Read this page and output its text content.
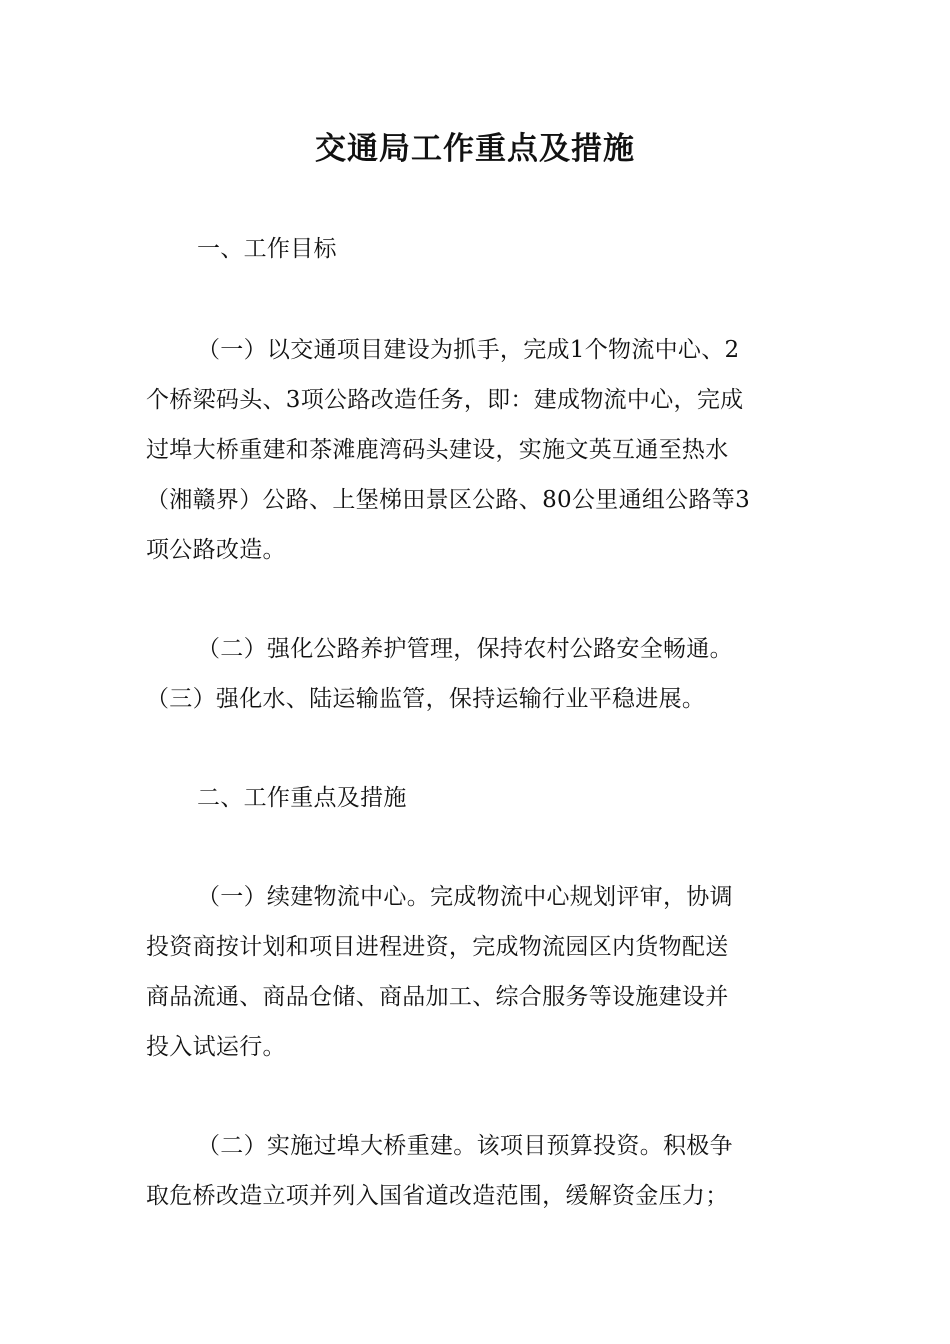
交通局工作重点及措施

一、工作目标

（一）以交通项目建设为抓手，完成1个物流中心、2
个桥梁码头、3项公路改造任务，即：建成物流中心，完成
过埠大桥重建和茶滩鹿湾码头建设，实施文英互通至热水
（湘赣界）公路、上堡梯田景区公路、80公里通组公路等3
项公路改造。

（二）强化公路养护管理，保持农村公路安全畅通。
（三）强化水、陆运输监管，保持运输行业平稳进展。

二、工作重点及措施

（一）续建物流中心。完成物流中心规划评审，协调
投资商按计划和项目进程进资，完成物流园区内货物配送
商品流通、商品仓储、商品加工、综合服务等设施建设并
投入试运行。

（二）实施过埠大桥重建。该项目预算投资。积极争
取危桥改造立项并列入国省道改造范围，缓解资金压力；
